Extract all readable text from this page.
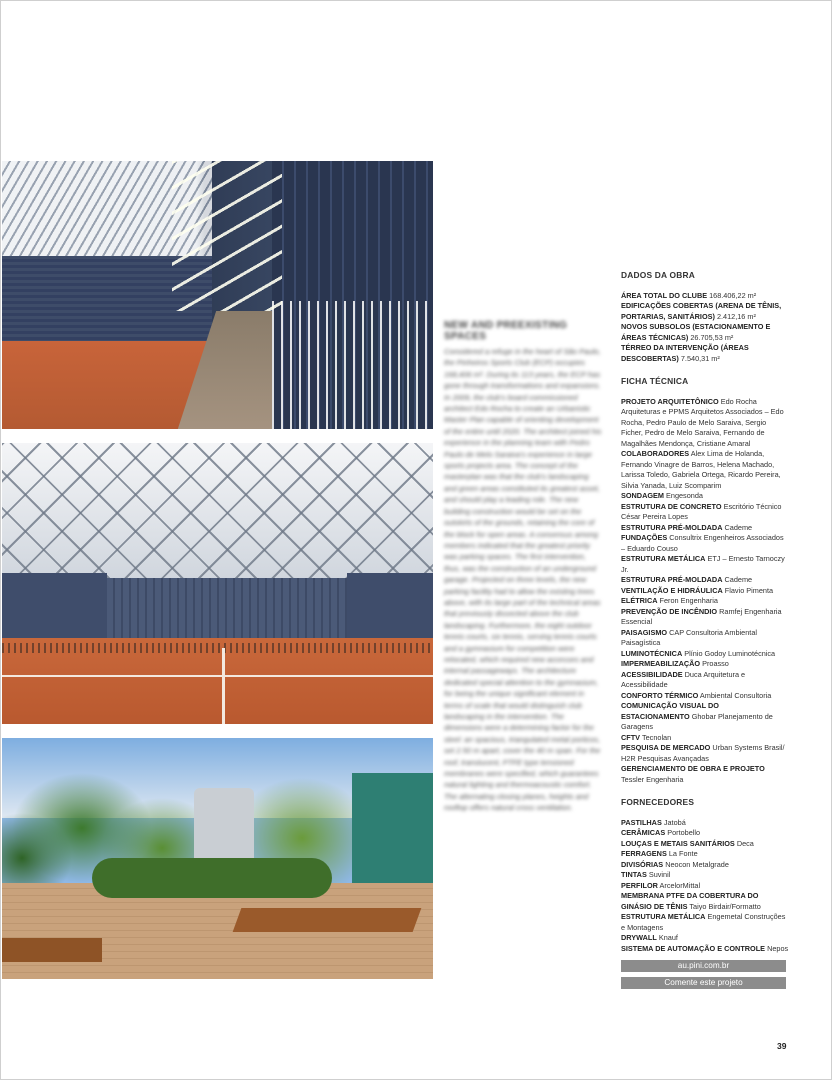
NEW AND PREEXISTING SPACES

Considered a refuge in the heart of São Paulo, the Pinheiros Sports Club (ECP) occupies 168,406 m². During its 113 years, the ECP has gone through transformations and expansions. In 2009, the club's board commissioned architect Edo Rocha to create an Urbanistic Master Plan capable of orienting development of the entire until 2020. The architect joined his experience in the planning team with Pedro Paulo de Melo Saraiva's experience in large sports projects area. The concept of the masterplan was that the club's landscaping and green areas constituted its greatest asset, and should play a leading role. The new building construction would be set on the outskirts of the grounds, retaining the core of the block for open areas. A consensus among members indicated that the greatest priority was parking spaces. The first intervention, thus, was the construction of an underground garage. Projected on three levels, the new parking facility had to allow the existing trees above, with its large part of the technical areas that previously dissected above the club landscaping. Furthermore, the eight outdoor tennis courts, six tennis, serving tennis courts and a gymnasium for competition were relocated, which required new accesses and internal passageways. The architecture dedicated special attention to the gymnasium, for being the unique significant element in terms of scale that would distinguish club landscaping in the intervention. The dimensions were a determining factor for the steel: an spacious, triangulated metal porticos, set 2.50 m apart, cover the 40 m span. For the roof, translucent, PTFE type tensioned membranes were specified, which guarantees natural lighting and thermoacoustic comfort. The alternating closing planes, heights and rooftop offers natural cross ventilation.

DADOS DA OBRA

ÁREA TOTAL DO CLUBE 168.406,22 m²

EDIFICAÇÕES COBERTAS (ARENA DE TÊNIS, PORTARIAS, SANITÁRIOS) 2.412,16 m²

NOVOS SUBSOLOS (ESTACIONAMENTO E ÁREAS TÉCNICAS) 26.705,53 m²

TÉRREO DA INTERVENÇÃO (ÁREAS DESCOBERTAS) 7.540,31 m²

FICHA TÉCNICA

PROJETO ARQUITETÔNICO Edo Rocha Arquiteturas e PPMS Arquitetos Associados – Edo Rocha, Pedro Paulo de Melo Saraiva, Sergio Ficher, Pedro de Melo Saraiva, Fernando de Magalhães Mendonça, Cristiane Amaral

COLABORADORES Alex Lima de Holanda, Fernando Vinagre de Barros, Helena Machado, Larissa Toledo, Gabriela Ortega, Ricardo Pereira, Silvia Yanada, Luiz Scomparim

SONDAGEM Engesonda

ESTRUTURA DE CONCRETO Escritório Técnico César Pereira Lopes

ESTRUTURA PRÉ-MOLDADA Cademe

FUNDAÇÕES Consultrix Engenheiros Associados – Eduardo Couso

ESTRUTURA METÁLICA ETJ – Ernesto Tarnoczy Jr.

ESTRUTURA PRÉ-MOLDADA Cademe

VENTILAÇÃO E HIDRÁULICA Flavio Pimenta

ELÉTRICA Feron Engenharia

PREVENÇÃO DE INCÊNDIO Ramfej Engenharia Essencial

PAISAGISMO CAP Consultoria Ambiental Paisagística

LUMINOTÉCNICA Plínio Godoy Luminotécnica

IMPERMEABILIZAÇÃO Proasso

ACESSIBILIDADE Duca Arquitetura e Acessibilidade

CONFORTO TÉRMICO Ambiental Consultoria

COMUNICAÇÃO VISUAL DO ESTACIONAMENTO Ghobar Planejamento de Garagens

CFTV Tecnolan

PESQUISA DE MERCADO Urban Systems Brasil/ H2R Pesquisas Avançadas

GERENCIAMENTO DE OBRA E PROJETO Tessler Engenharia

FORNECEDORES

PASTILHAS Jatobá

CERÂMICAS Portobello

LOUÇAS E METAIS SANITÁRIOS Deca

FERRAGENS La Fonte

DIVISÓRIAS Neocon Metalgrade

TINTAS Suvinil

PERFILOR ArcelorMittal

MEMBRANA PTFE DA COBERTURA DO GINÁSIO DE TÊNIS Taiyo Birdair/Formatto

ESTRUTURA METÁLICA Engemetal Construções e Montagens

DRYWALL Knauf

SISTEMA DE AUTOMAÇÃO E CONTROLE Nepos

au.pini.com.br
Comente este projeto
39
